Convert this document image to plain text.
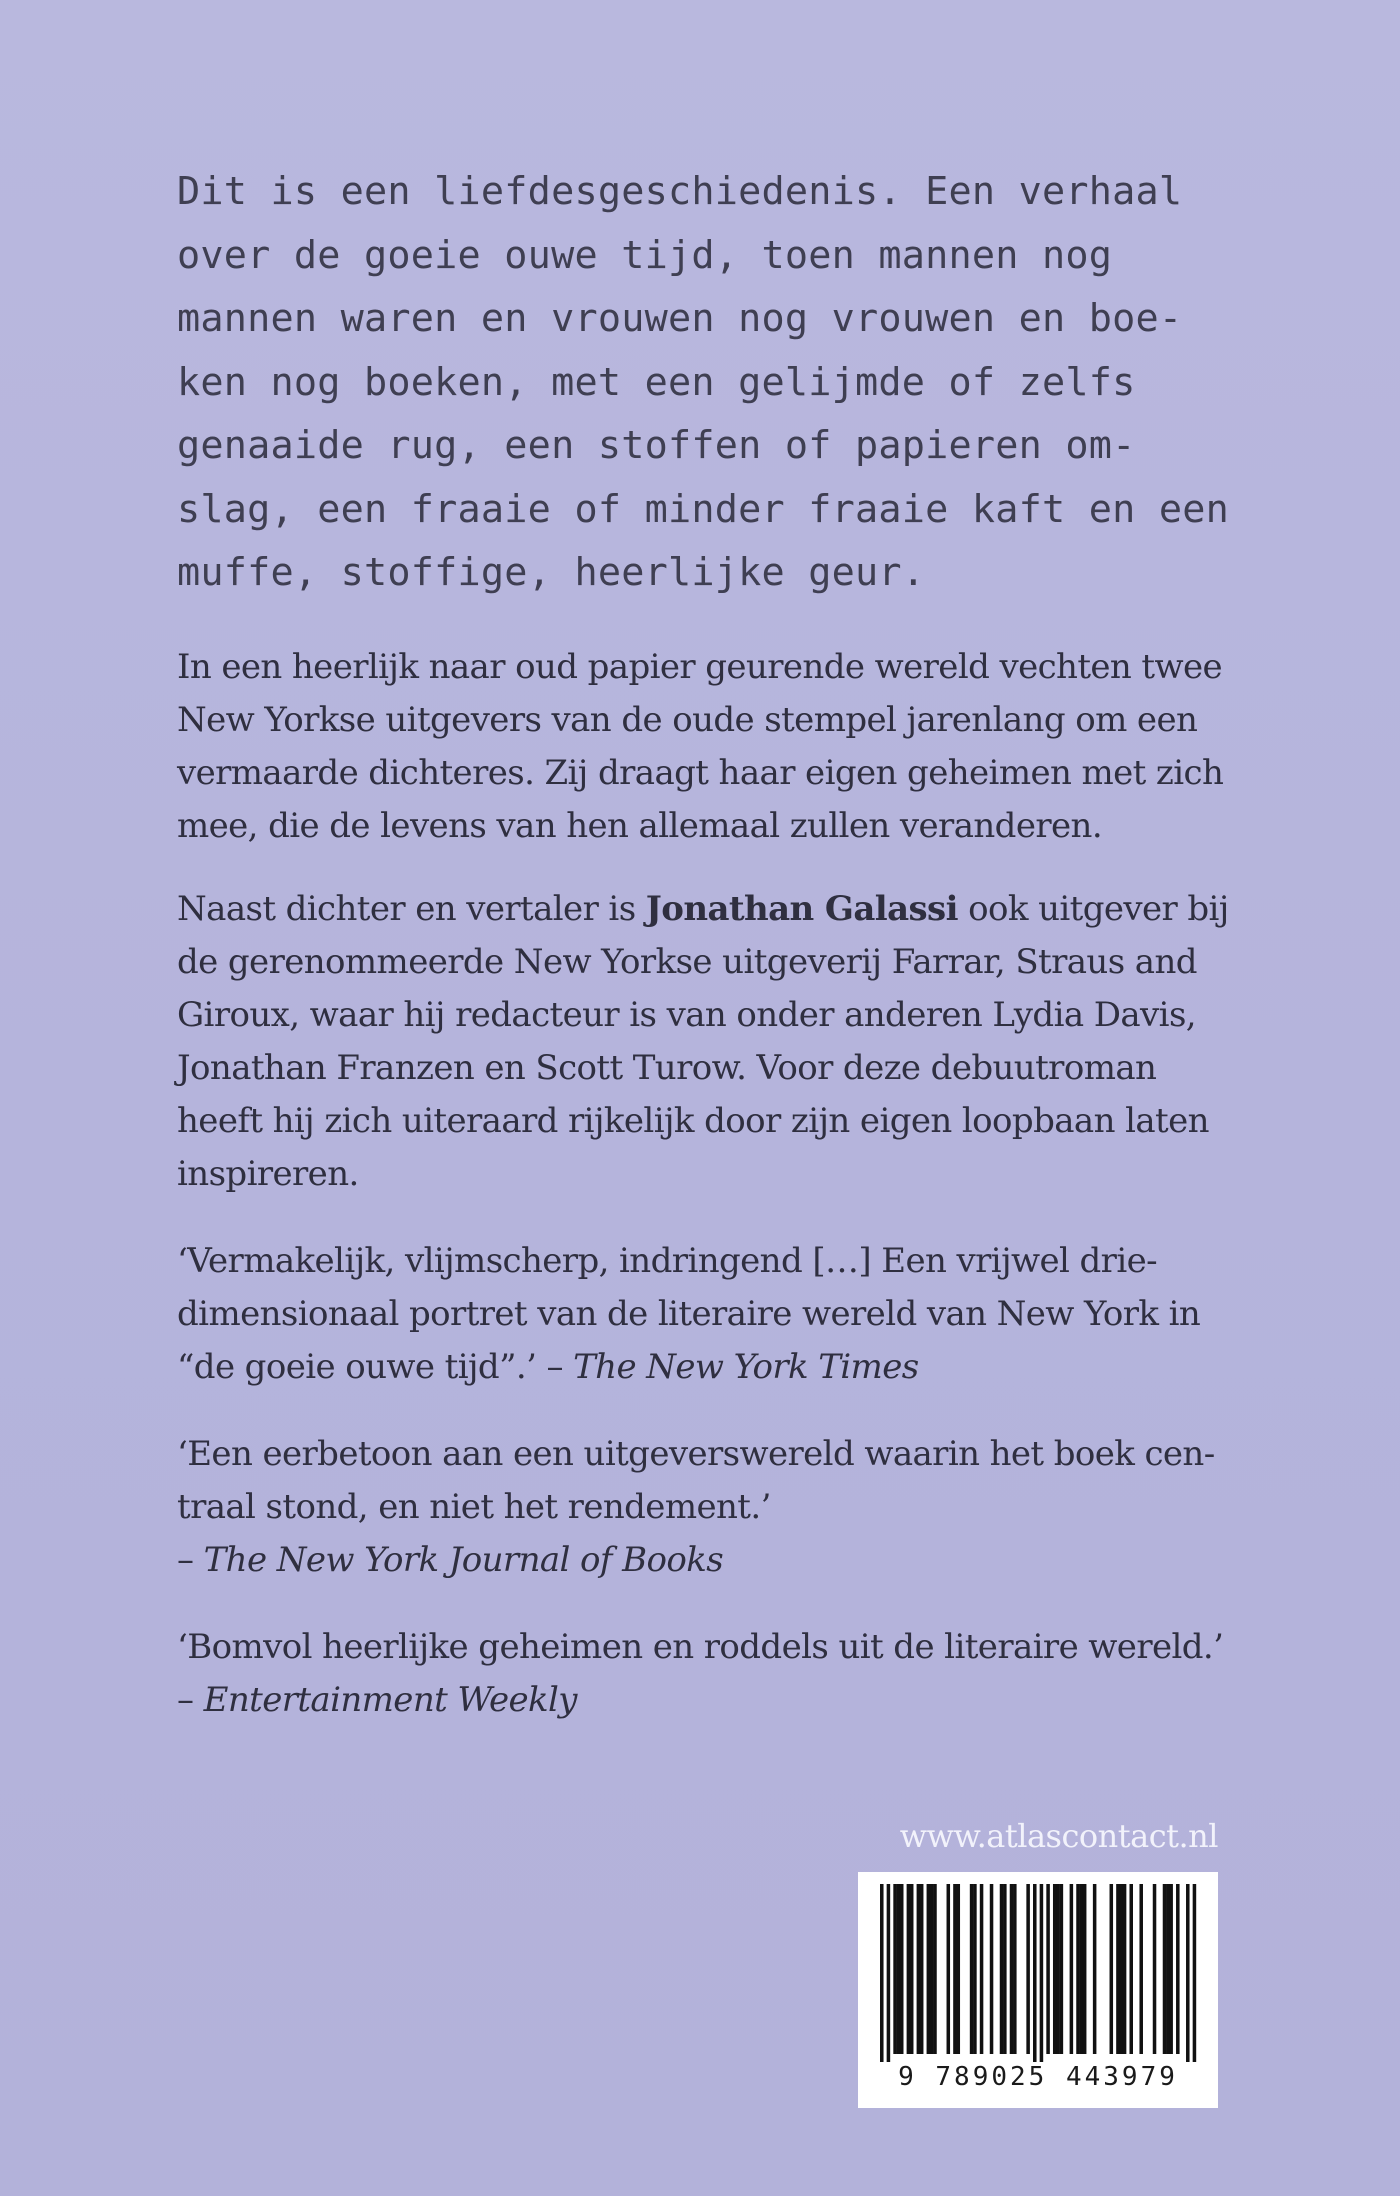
Dit is een liefdesgeschiedenis. Een verhaal
over de goeie ouwe tijd, toen mannen nog
mannen waren en vrouwen nog vrouwen en boe-
ken nog boeken, met een gelijmde of zelfs
genaaide rug, een stoffen of papieren om-
slag, een fraaie of minder fraaie kaft en een
muffe, stoffige, heerlijke geur.
In een heerlijk naar oud papier geurende wereld vechten twee
New Yorkse uitgevers van de oude stempel jarenlang om een
vermaarde dichteres. Zij draagt haar eigen geheimen met zich
mee, die de levens van hen allemaal zullen veranderen.
Naast dichter en vertaler is Jonathan Galassi ook uitgever bij
de gerenommeerde New Yorkse uitgeverij Farrar, Straus and
Giroux, waar hij redacteur is van onder anderen Lydia Davis,
Jonathan Franzen en Scott Turow. Voor deze debuutroman
heeft hij zich uiteraard rijkelijk door zijn eigen loopbaan laten
inspireren.
‘Vermakelijk, vlijmscherp, indringend […] Een vrijwel drie-
dimensionaal portret van de literaire wereld van New York in
“de goeie ouwe tijd”.’ – The New York Times
‘Een eerbetoon aan een uitgeverswereld waarin het boek cen-
traal stond, en niet het rendement.’
– The New York Journal of Books
‘Bomvol heerlijke geheimen en roddels uit de literaire wereld.’
– Entertainment Weekly
www.atlascontact.nl
9 789025 443979
